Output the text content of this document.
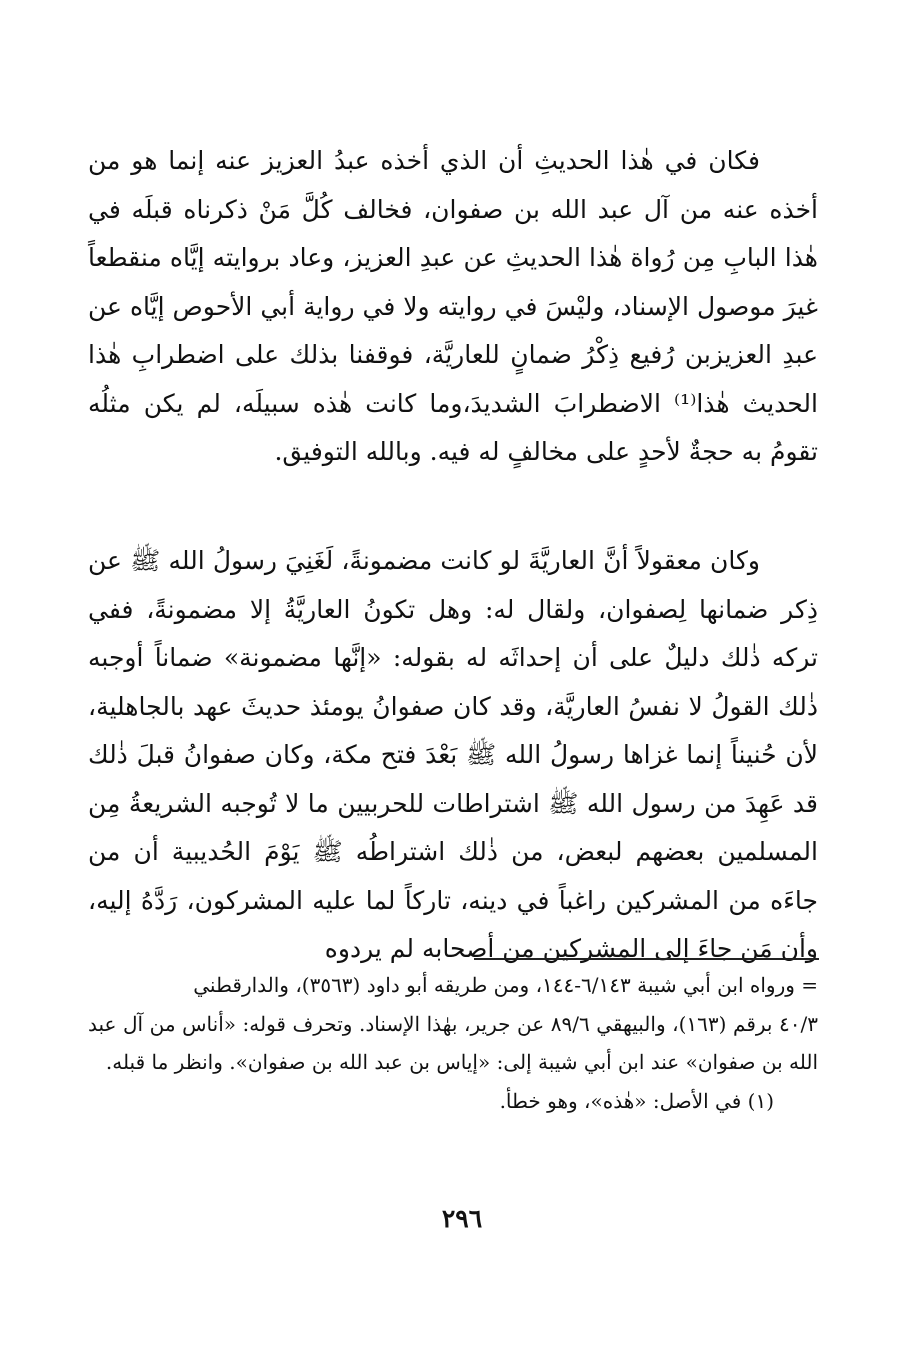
فكان في هٰذا الحديثِ أن الذي أخذه عبدُ العزيز عنه إنما هو من أخذه عنه من آل عبد الله بن صفوان، فخالف كُلَّ مَنْ ذكرناه قبلَه في هٰذا البابِ مِن رُواة هٰذا الحديثِ عن عبدِ العزيز، وعاد بروايته إيَّاه منقطعاً غيرَ موصول الإسناد، وليْسَ في روايته ولا في رواية أبي الأحوص إيَّاه عن عبدِ العزيزبن رُفيع ذِكْرُ ضمانٍ للعاريَّة، فوقفنا بذلك على اضطرابِ هٰذا الحديث هٰذا⁽¹⁾ الاضطرابَ الشديدَ،وما كانت هٰذه سبيلَه، لم يكن مثلُه تقومُ به حجةٌ لأحدٍ على مخالفٍ له فيه. وبالله التوفيق.

وكان معقولاً أنَّ العاريَّةَ لو كانت مضمونةً، لَغَنِيَ رسولُ الله ﷺ عن ذِكر ضمانها لِصفوان، ولقال له: وهل تكونُ العاريَّةُ إلا مضمونةً، ففي تركه ذٰلك دليلٌ على أن إحداثَه له بقوله: «إنَّها مضمونة» ضماناً أوجبه ذٰلك القولُ لا نفسُ العاريَّة، وقد كان صفوانُ يومئذ حديثَ عهد بالجاهلية، لأن حُنيناً إنما غزاها رسولُ الله ﷺ بَعْدَ فتح مكة، وكان صفوانُ قبلَ ذٰلك قد عَهِدَ من رسول الله ﷺ اشتراطات للحربيين ما لا تُوجبه الشريعةُ مِن المسلمين بعضهم لبعض، من ذٰلك اشتراطُه ﷺ يَوْمَ الحُديبية أن من جاءَه من المشركين راغباً في دينه، تاركاً لما عليه المشركون، رَدَّهُ إليه، وأن مَن جاءَ إلى المشركين من أصحابه لم يردوه

= ورواه ابن أبي شيبة ٦/١٤٣-١٤٤، ومن طريقه أبو داود (٣٥٦٣)، والدارقطني

٤٠/٣ برقم (١٦٣)، والبيهقي ٨٩/٦ عن جرير، بهٰذا الإسناد. وتحرف قوله: «أناس من آل عبد الله بن صفوان» عند ابن أبي شيبة إلى: «إياس بن عبد الله بن صفوان». وانظر ما قبله.

(١) في الأصل: «هٰذه»، وهو خطأ.

٢٩٦
